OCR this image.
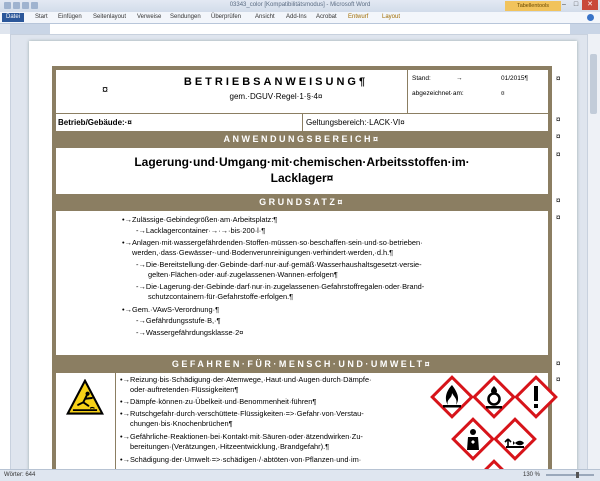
03343_color [Kompatibilitätsmodus] - Microsoft Word	Tabellentools	–	□	✕
Datei	Start	Einfügen	Seitenlayout	Verweise	Sendungen	Überprüfen	Ansicht	Add-Ins	Acrobat	Entwurf	Layout
¤
BETRIEBSANWEISUNG¶
gem.·DGUV·Regel·1·§·4¤
Stand:	→	01/2015¶
abgezeichnet·am:	¤
Betrieb/Gebäude:·¤	Geltungsbereich:·LACK·VI¤
ANWENDUNGSBEREICH¤
Lagerung·und·Umgang·mit·chemischen·Arbeitsstoffen·im·
Lacklager¤
GRUNDSATZ¤
•→Zulässige·Gebindegrößen·am·Arbeitsplatz:¶
-→Lacklagercontainer·→·→·bis·200·l·¶
•→Anlagen·mit·wassergefährdenden·Stoffen·müssen·so·beschaffen·sein·und·so·betrieben·
werden,·dass·Gewässer-·und·Bodenverunreinigungen·verhindert·werden,·d.h.¶
-→Die·Bereitstellung·der·Gebinde·darf·nur·auf·gemäß·Wasserhaushaltsgesetzt·versie-
gelten·Flächen·oder·auf·zugelassenen·Wannen·erfolgen¶
-→Die·Lagerung·der·Gebinde·darf·nur·in·zugelassenen·Gefahrstoffregalen·oder·Brand-
schutzcontainern·für·Gefahrstoffe·erfolgen.¶
•→Gem.·VAwS-Verordnung·¶
-→Gefährdungsstufe·B,·¶
-→Wassergefährdungsklasse·2¤
GEFAHREN·FÜR·MENSCH·UND·UMWELT¤
•→Reizung·bis·Schädigung·der·Atemwege,·Haut·und·Augen·durch·Dämpfe·
oder·auftretenden·Flüssigkeiten¶
•→Dämpfe·können·zu·Übelkeit·und·Benommenheit·führen¶
•→Rutschgefahr·durch·verschüttete·Flüssigkeiten·=>·Gefahr·von·Verstau-
chungen·bis·Knochenbrüchen¶
•→Gefährliche·Reaktionen·bei·Kontakt·mit·Säuren·oder·ätzendwirken·Zu-
bereitungen·(Verätzungen,·Hitzeentwicklung,·Brandgefahr).¶
•→Schädigung·der·Umwelt·=>·schädigen·/·abtöten·von·Pflanzen·und·im·
¤
¤
¤
¤
¤
¤
¤
¤
Wörter: 644	130 %
